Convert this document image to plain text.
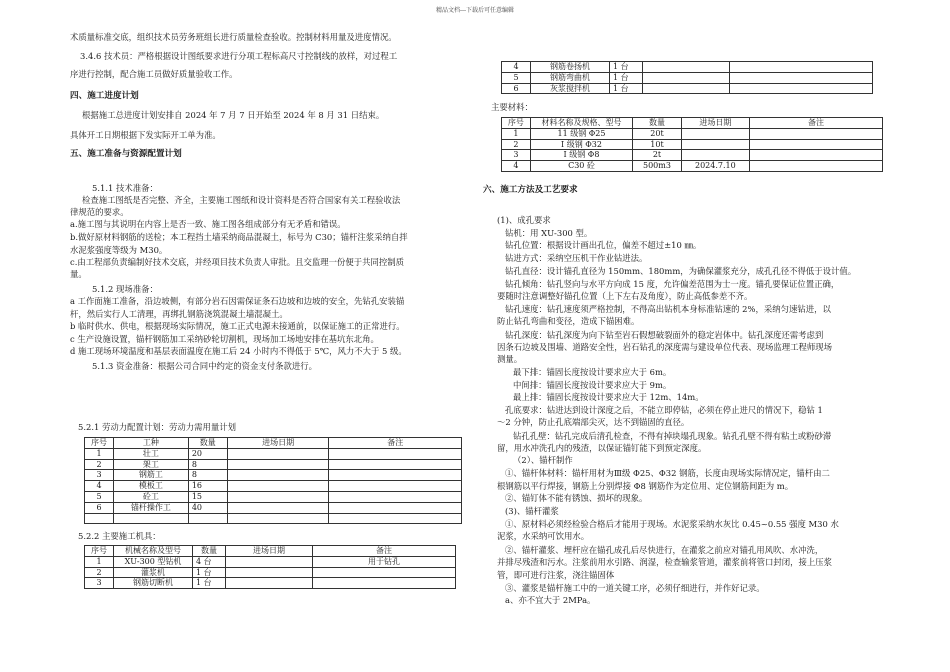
精品文档---下载后可任意编辑
术质量标准交底，组织技术员劳务班组长进行质量检查验收。控制材料用量及进度情况。
3.4.6 技术员：严格根据设计图纸要求进行分项工程标高尺寸控制线的放样，对过程工
序进行控制，配合施工员做好质量验收工作。
四、施工进度计划
根据施工总进度计划安排自 2024 年 7 月 7 日开始至 2024 年 8 月 31 日结束。
具体开工日期根据下发实际开工单为准。
五、施工准备与资源配置计划
5.1.1 技术准备：
检查施工图纸是否完整、齐全，主要施工图纸和设计资料是否符合国家有关工程验收法
律规范的要求。
a.施工图与其说明在内容上是否一致、施工图各组成部分有无矛盾和错误。
b.做好原材料钢筋的送检；本工程挡土墙采纳商品混凝土，标号为 C30；锚杆注浆采纳自拌
水泥浆强度等级为 M30。
c.由工程部负责编制好技术交底，并经项目技术负责人审批。且交监理一份便于共同控制质
量。
5.1.2 现场准备：
a 工作面施工准备，沿边坡侧，有部分岩石因需保证条石边坡和边坡的安全，先钻孔安装锚
杆，然后实行人工清理，再绑扎钢筋浇筑混凝土墙混凝土。
b 临时供水、供电，根据现场实际情况，施工正式电源未接通前，以保证施工的正常进行。
c 生产设施设置，锚杆钢筋加工采纳砂轮切割机，现场加工场地安排在基坑东北角。
d 施工现场环境温度和基层表面温度在施工后 24 小时内不得低于 5℃，风力不大于 5 级。
5.1.3 资金准备：根据公司合同中约定的资金支付条款进行。
5.2.1 劳动力配置计划：劳动力需用量计划
序号	工种	数量	进场日期	备注
1	壮工	20		
2	架工	8		
3	钢筋工	8		
4	模板工	16		
5	砼工	15		
6	锚杆操作工	40		

5.2.2 主要施工机具：
序号	机械名称及型号	数量	进场日期	备注
1	XU-300 型钻机	4 台		用于钻孔
2	灌浆机	1 台		
3	钢筋切断机	1 台		
4	钢筋卷扬机	1 台		
5	钢筋弯曲机	1 台		
6	灰浆搅拌机	1 台		
主要材料：
序号	材料名称及规格、型号	数量	进场日期	备注
1	11 级钢 Φ25	20t		
2	I 级钢 Φ32	10t		
3	I 级钢 Φ8	2t		
4	C30 砼	500m3	2024.7.10	
六、施工方法及工艺要求
(1)、成孔要求
钻机：用 XU-300 型。
钻孔位置：根据设计画出孔位，偏差不超过±10 ㎜。
钻进方式：采纳空压机干作业钻进法。
钻孔直径：设计锚孔直径为 150mm、180mm，为确保灌浆充分，成孔孔径不得低于设计值。
钻孔倾角：钻孔竖向与水平方向成 15 度，允许偏差范围为士一度。锚孔要保证位置正确，
要随时注意调整好锚孔位置（上下左右及角度），防止高低参差不齐。
钻孔速度：钻孔速度须严格控制，不得高出钻机本身标准钻速的 2%，采纳匀速钻进，以
防止钻孔弯曲和变径，造成下锚困难。
钻孔深度：钻孔深度为向下钻至岩石假想破裂面外的稳定岩体中。钻孔深度还需考虑到
因条石边坡及围墙、道路安全性，岩石钻孔的深度需与建设单位代表、现场监理工程师现场
测量。
最下排：锚固长度按设计要求应大于 6m。
中间排：锚固长度按设计要求应大于 9m。
最上排：锚固长度按设计要求应大于 12m、14m。
孔底要求：钻进达到设计深度之后，不能立即停钻，必须在停止进尺的情况下，稳钻 1
～2 分钟，防止孔底端部尖灭，达不到锚固的直径。
钻孔孔壁：钻孔完成后清孔检查，不得有掉块塌孔现象。钻孔孔壁不得有粘土或粉砂滞
留，用水冲洗孔内的残渣，以保证锚钉能下到预定深度。
（2）、锚杆制作
①、锚杆体材料：锚杆用材为Ⅲ级 Φ25、Φ32 钢筋，长度由现场实际情况定，锚杆由二
根钢筋以平行焊接，钢筋上分别焊接 Φ8 钢筋作为定位用、定位钢筋间距为 m。
②、锚钉体不能有锈蚀、损坏的现象。
(3)、锚杆灌浆
①、原材料必须经检验合格后才能用于现场。水泥浆采纳水灰比 0.45~0.55 强度 M30 水
泥浆，水采纳可饮用水。
②、锚杆灌浆、埋杆应在锚孔成孔后尽快进行，在灌浆之前应对锚孔用风吹、水冲洗，
并排尽残渣和污水。注浆前用水引路、润湿，检查输浆管道，灌浆前将管口封闭，接上压浆
管，即可进行注浆，浇注锚固体
③、灌浆是锚杆施工中的一道关键工序，必须仔细进行，并作好记录。
a、亦不宜大于 2MPa。
